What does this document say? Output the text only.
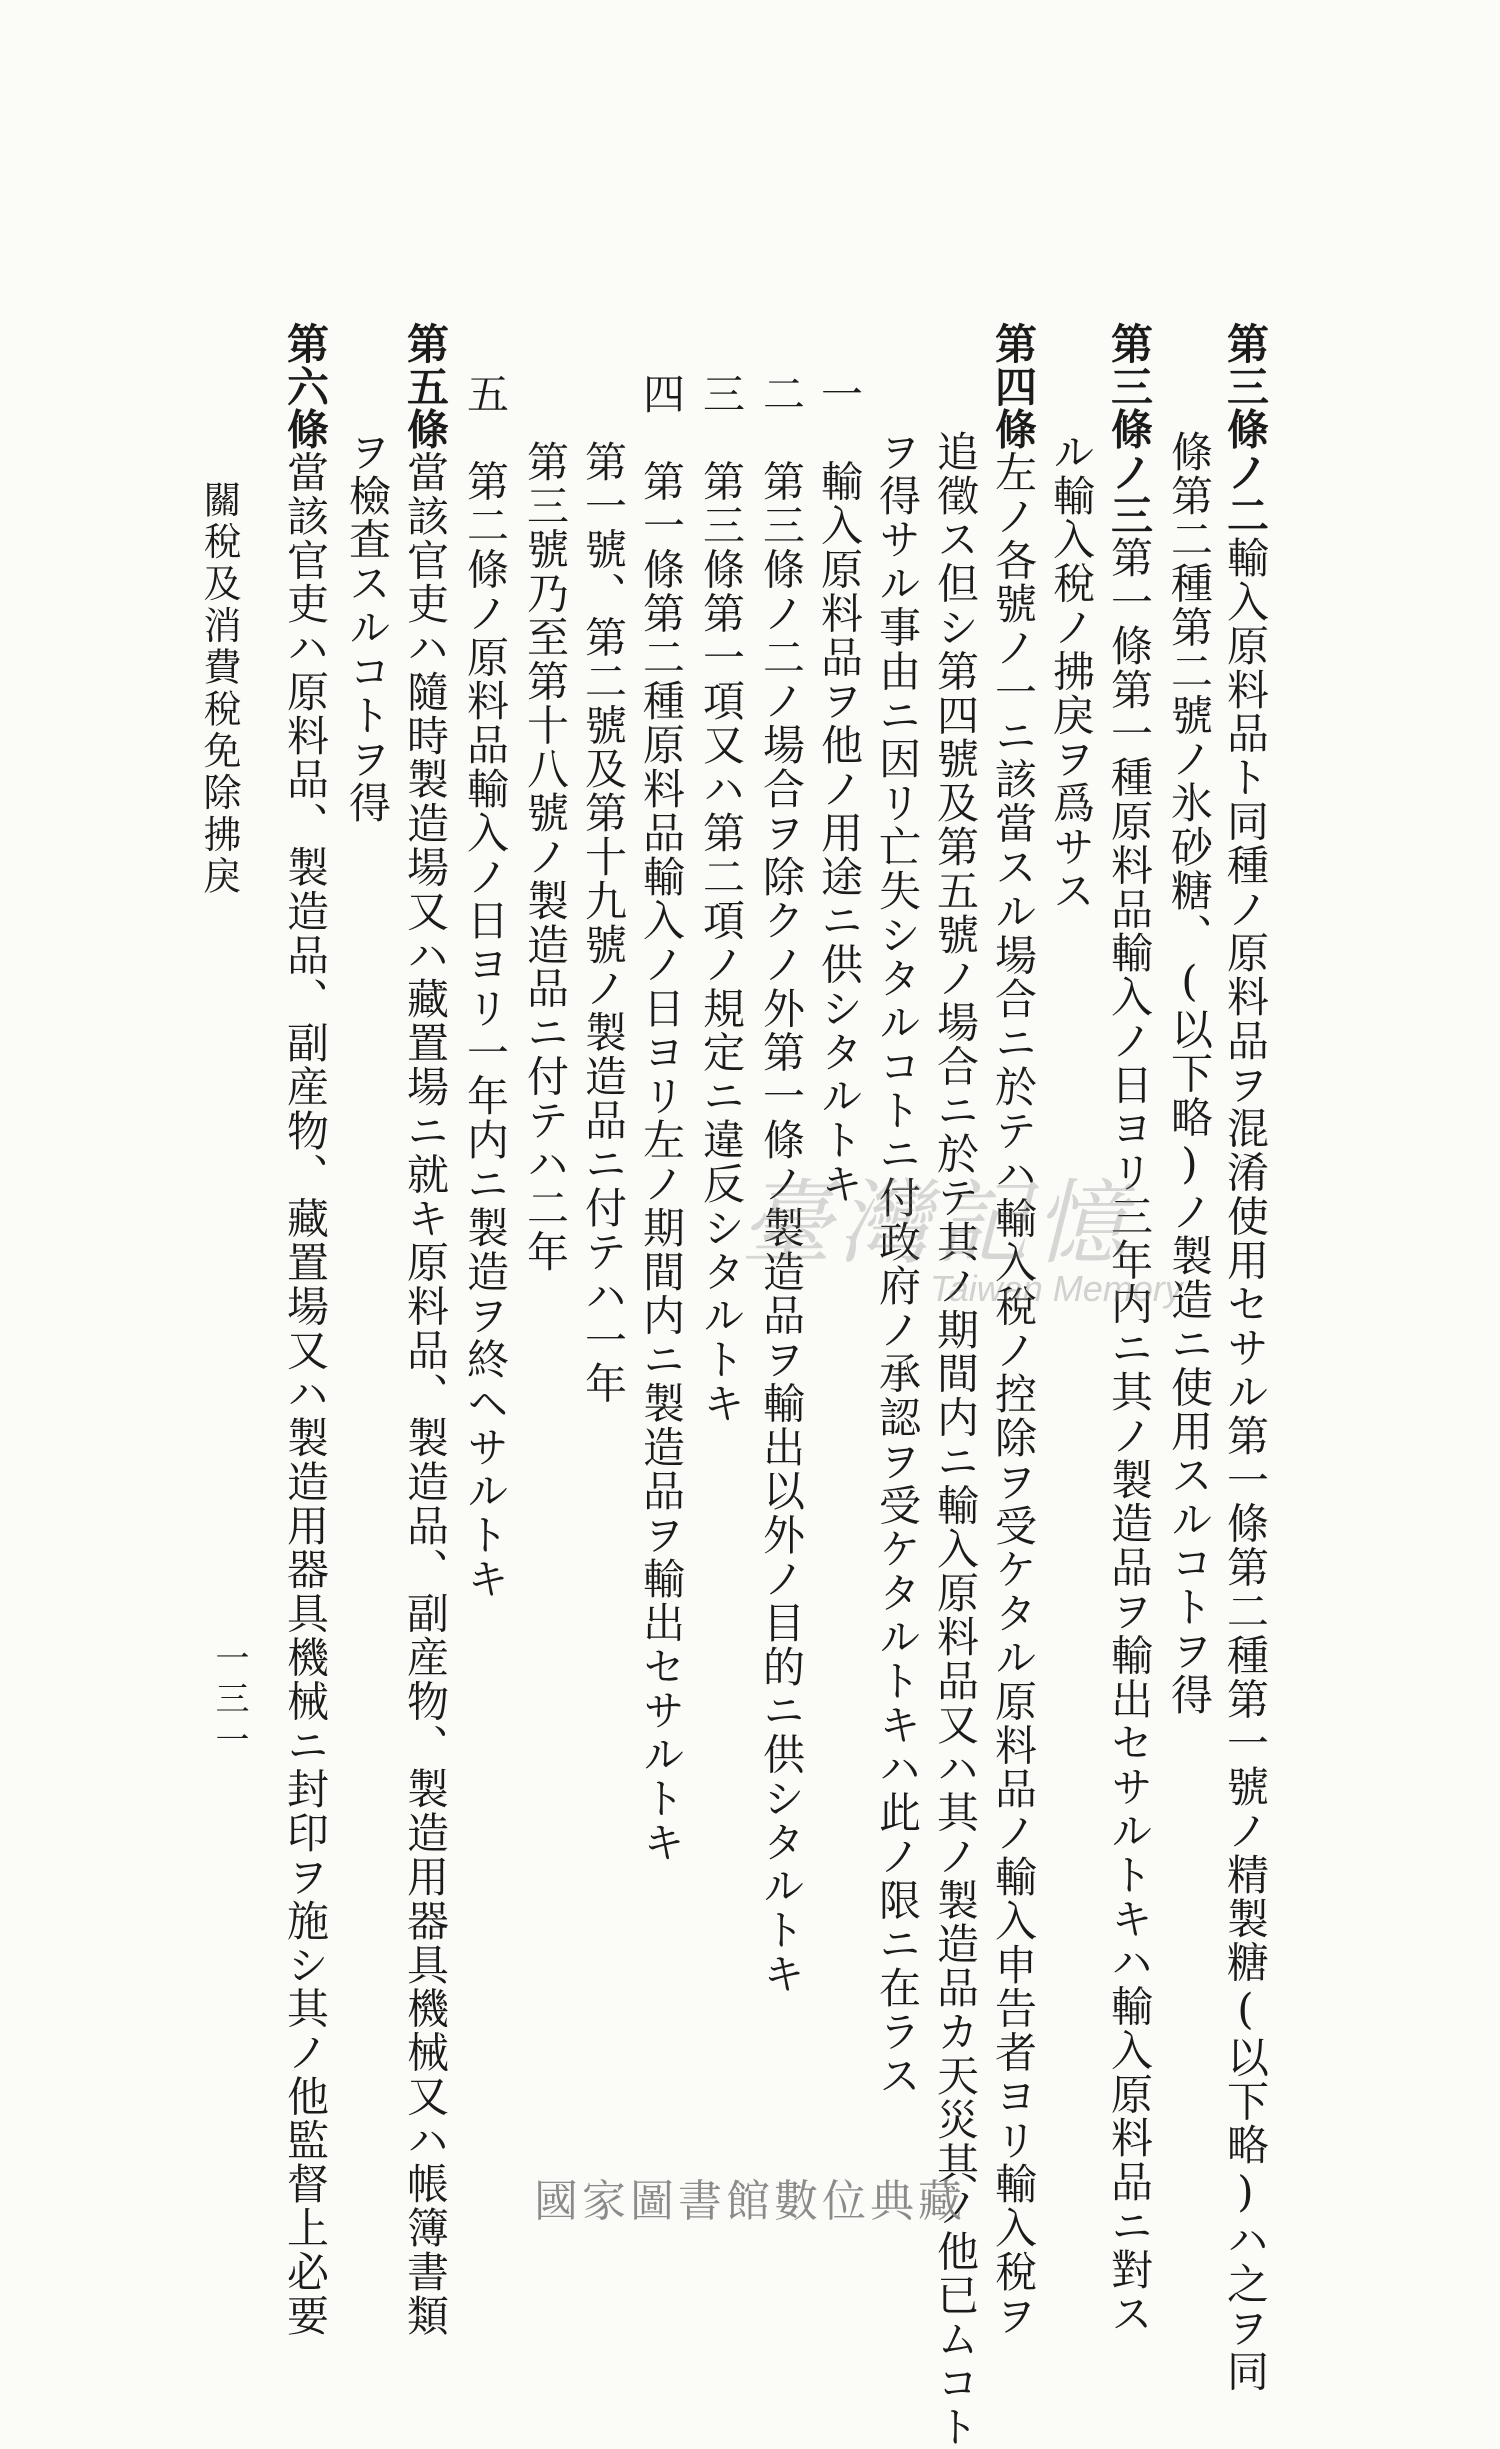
第三條ノ二輸入原料品ト同種ノ原料品ヲ混淆使用セサル第一條第二種第一號ノ精製糖(以下略)ハ之ヲ同
條第二種第二號ノ氷砂糖、(以下略)ノ製造ニ使用スルコトヲ得
第三條ノ三第一條第一種原料品輸入ノ日ヨリ三年内ニ其ノ製造品ヲ輸出セサルトキハ輸入原料品ニ對ス
ル輸入稅ノ拂戾ヲ爲サス
第四條左ノ各號ノ一ニ該當スル場合ニ於テハ輸入稅ノ控除ヲ受ケタル原料品ノ輸入申告者ヨリ輸入稅ヲ
追徵ス但シ第四號及第五號ノ場合ニ於テ其ノ期間内ニ輸入原料品又ハ其ノ製造品カ天災其ノ他已ムコト
ヲ得サル事由ニ因リ亡失シタルコトニ付政府ノ承認ヲ受ケタルトキハ此ノ限ニ在ラス
一　輸入原料品ヲ他ノ用途ニ供シタルトキ
二　第三條ノ二ノ場合ヲ除クノ外第一條ノ製造品ヲ輸出以外ノ目的ニ供シタルトキ
三　第三條第一項又ハ第二項ノ規定ニ違反シタルトキ
四　第一條第二種原料品輸入ノ日ヨリ左ノ期間内ニ製造品ヲ輸出セサルトキ
第一號、第二號及第十九號ノ製造品ニ付テハ一年
第三號乃至第十八號ノ製造品ニ付テハ二年
五　第二條ノ原料品輸入ノ日ヨリ一年内ニ製造ヲ終ヘサルトキ
第五條當該官吏ハ隨時製造場又ハ藏置場ニ就キ原料品、製造品、副産物、製造用器具機械又ハ帳簿書類
ヲ檢査スルコトヲ得
第六條當該官吏ハ原料品、製造品、副産物、藏置場又ハ製造用器具機械ニ封印ヲ施シ其ノ他監督上必要
關稅及消費稅免除拂戾
一三一
臺灣記憶
Taiwan Memory
國家圖書館數位典藏
